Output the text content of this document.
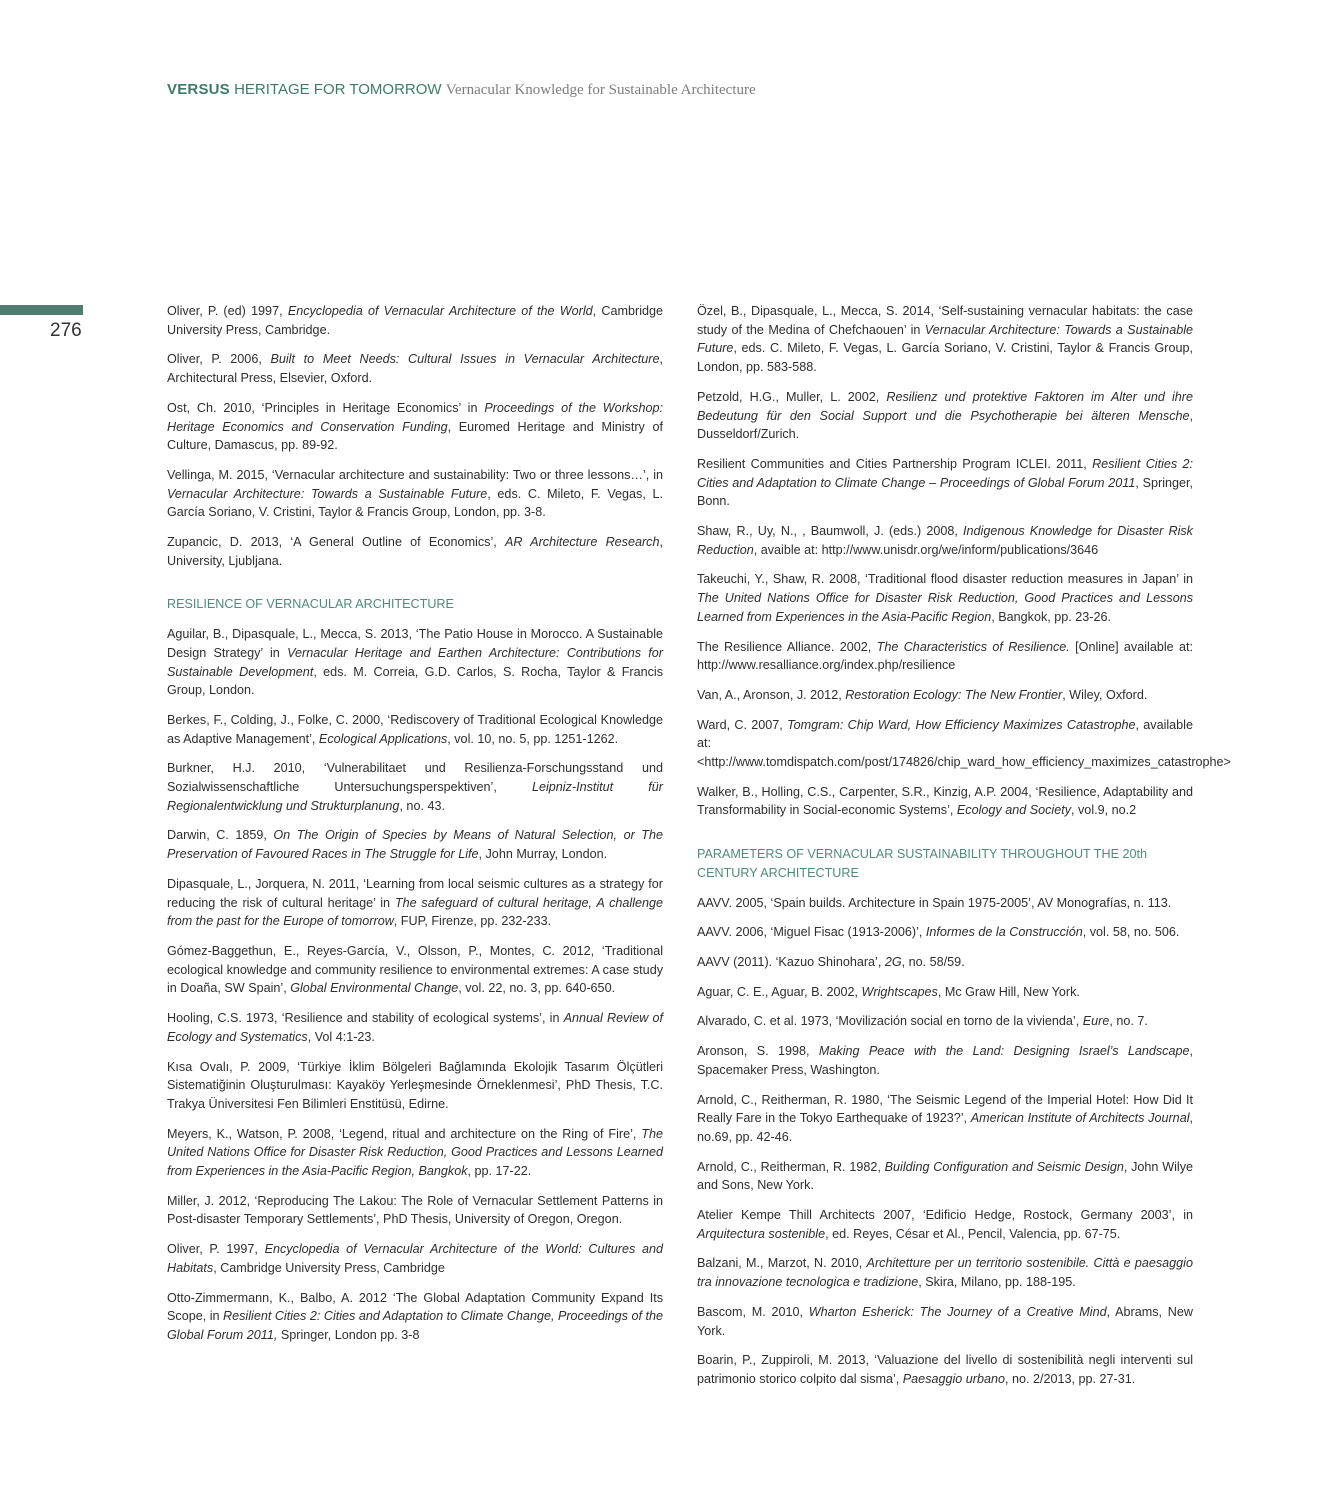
VERSUS HERITAGE FOR TOMORROW Vernacular Knowledge for Sustainable Architecture
276

Oliver, P. (ed) 1997, Encyclopedia of Vernacular Architecture of the World, Cambridge University Press, Cambridge.

Oliver, P. 2006, Built to Meet Needs: Cultural Issues in Vernacular Architecture, Architectural Press, Elsevier, Oxford.

Ost, Ch. 2010, ‘Principles in Heritage Economics’ in Proceedings of the Workshop: Heritage Economics and Conservation Funding, Euromed Heritage and Ministry of Culture, Damascus, pp. 89-92.

Vellinga, M. 2015, ‘Vernacular architecture and sustainability: Two or three lessons…’, in Vernacular Architecture: Towards a Sustainable Future, eds. C. Mileto, F. Vegas, L. García Soriano, V. Cristini, Taylor & Francis Group, London, pp. 3-8.

Zupancic, D. 2013, ‘A General Outline of Economics’, AR Architecture Research, University, Ljubljana.

RESILIENCE OF VERNACULAR ARCHITECTURE

Aguilar, B., Dipasquale, L., Mecca, S. 2013, ‘The Patio House in Morocco. A Sustainable Design Strategy’ in Vernacular Heritage and Earthen Architecture: Contributions for Sustainable Development, eds. M. Correia, G.D. Carlos, S. Rocha, Taylor & Francis Group, London.

Berkes, F., Colding, J., Folke, C. 2000, ‘Rediscovery of Traditional Ecological Knowledge as Adaptive Management’, Ecological Applications, vol. 10, no. 5, pp. 1251-1262.

Burkner, H.J. 2010, ‘Vulnerabilitaet und Resilienza-Forschungsstand und Sozialwissenschaftliche Untersuchungsperspektiven’, Leipniz-Institut für Regionalentwicklung und Strukturplanung, no. 43.

Darwin, C. 1859, On The Origin of Species by Means of Natural Selection, or The Preservation of Favoured Races in The Struggle for Life, John Murray, London.

Dipasquale, L., Jorquera, N. 2011, ‘Learning from local seismic cultures as a strategy for reducing the risk of cultural heritage’ in The safeguard of cultural heritage, A challenge from the past for the Europe of tomorrow, FUP, Firenze, pp. 232-233.

Gómez-Baggethun, E., Reyes-García, V., Olsson, P., Montes, C. 2012, ‘Traditional ecological knowledge and community resilience to environmental extremes: A case study in Doaña, SW Spain’, Global Environmental Change, vol. 22, no. 3, pp. 640-650.

Hooling, C.S. 1973, ‘Resilience and stability of ecological systems’, in Annual Review of Ecology and Systematics, Vol 4:1-23.

Kısa Ovalı, P. 2009, ‘Türkiye İklim Bölgeleri Bağlamında Ekolojik Tasarım Ölçütleri Sistematiğinin Oluşturulması: Kayaköy Yerleşmesinde Örneklenmesi’, PhD Thesis, T.C. Trakya Üniversitesi Fen Bilimleri Enstitüsü, Edirne.

Meyers, K., Watson, P. 2008, ‘Legend, ritual and architecture on the Ring of Fire’, The United Nations Office for Disaster Risk Reduction, Good Practices and Lessons Learned from Experiences in the Asia-Pacific Region, Bangkok, pp. 17-22.

Miller, J. 2012, ‘Reproducing The Lakou: The Role of Vernacular Settlement Patterns in Post-disaster Temporary Settlements’, PhD Thesis, University of Oregon, Oregon.

Oliver, P. 1997, Encyclopedia of Vernacular Architecture of the World: Cultures and Habitats, Cambridge University Press, Cambridge

Otto-Zimmermann, K., Balbo, A. 2012 ‘The Global Adaptation Community Expand Its Scope, in Resilient Cities 2: Cities and Adaptation to Climate Change, Proceedings of the Global Forum 2011, Springer, London pp. 3-8

Özel, B., Dipasquale, L., Mecca, S. 2014, ‘Self-sustaining vernacular habitats: the case study of the Medina of Chefchaouen’ in Vernacular Architecture: Towards a Sustainable Future, eds. C. Mileto, F. Vegas, L. García Soriano, V. Cristini, Taylor & Francis Group, London, pp. 583-588.

Petzold, H.G., Muller, L. 2002, Resilienz und protektive Faktoren im Alter und ihre Bedeutung für den Social Support und die Psychotherapie bei älteren Mensche, Dusseldorf/Zurich.

Resilient Communities and Cities Partnership Program ICLEI. 2011, Resilient Cities 2: Cities and Adaptation to Climate Change – Proceedings of Global Forum 2011, Springer, Bonn.

Shaw, R., Uy, N., , Baumwoll, J. (eds.) 2008, Indigenous Knowledge for Disaster Risk Reduction, avaible at: http://www.unisdr.org/we/inform/publications/3646

Takeuchi, Y., Shaw, R. 2008, ‘Traditional flood disaster reduction measures in Japan’ in The United Nations Office for Disaster Risk Reduction, Good Practices and Lessons Learned from Experiences in the Asia-Pacific Region, Bangkok, pp. 23-26.

The Resilience Alliance. 2002, The Characteristics of Resilience. [Online] available at: http://www.resalliance.org/index.php/resilience

Van, A., Aronson, J. 2012, Restoration Ecology: The New Frontier, Wiley, Oxford.

Ward, C. 2007, Tomgram: Chip Ward, How Efficiency Maximizes Catastrophe, available at: <http://www.tomdispatch.com/post/174826/chip_ward_how_efficiency_maximizes_catastrophe>

Walker, B., Holling, C.S., Carpenter, S.R., Kinzig, A.P. 2004, ‘Resilience, Adaptability and Transformability in Social-economic Systems’, Ecology and Society, vol.9, no.2

PARAMETERS OF VERNACULAR SUSTAINABILITY THROUGHOUT THE 20th CENTURY ARCHITECTURE

AAVV. 2005, ‘Spain builds. Architecture in Spain 1975-2005’, AV Monografías, n. 113.

AAVV. 2006, ‘Miguel Fisac (1913-2006)’, Informes de la Construcción, vol. 58, no. 506.

AAVV (2011). ‘Kazuo Shinohara’, 2G, no. 58/59.

Aguar, C. E., Aguar, B. 2002, Wrightscapes, Mc Graw Hill, New York.

Alvarado, C. et al. 1973, ‘Movilización social en torno de la vivienda’, Eure, no. 7.

Aronson, S. 1998, Making Peace with the Land: Designing Israel’s Landscape, Spacemaker Press, Washington.

Arnold, C., Reitherman, R. 1980, ‘The Seismic Legend of the Imperial Hotel: How Did It Really Fare in the Tokyo Earthequake of 1923?’, American Institute of Architects Journal, no.69, pp. 42-46.

Arnold, C., Reitherman, R. 1982, Building Configuration and Seismic Design, John Wilye and Sons, New York.

Atelier Kempe Thill Architects 2007, ‘Edificio Hedge, Rostock, Germany 2003’, in Arquitectura sostenible, ed. Reyes, César et Al., Pencil, Valencia, pp. 67-75.

Balzani, M., Marzot, N. 2010, Architetture per un territorio sostenibile. Città e paesaggio tra innovazione tecnologica e tradizione, Skira, Milano, pp. 188-195.

Bascom, M. 2010, Wharton Esherick: The Journey of a Creative Mind, Abrams, New York.

Boarin, P., Zuppiroli, M. 2013, ‘Valuazione del livello di sostenibilità negli interventi sul patrimonio storico colpito dal sisma’, Paesaggio urbano, no. 2/2013, pp. 27-31.
